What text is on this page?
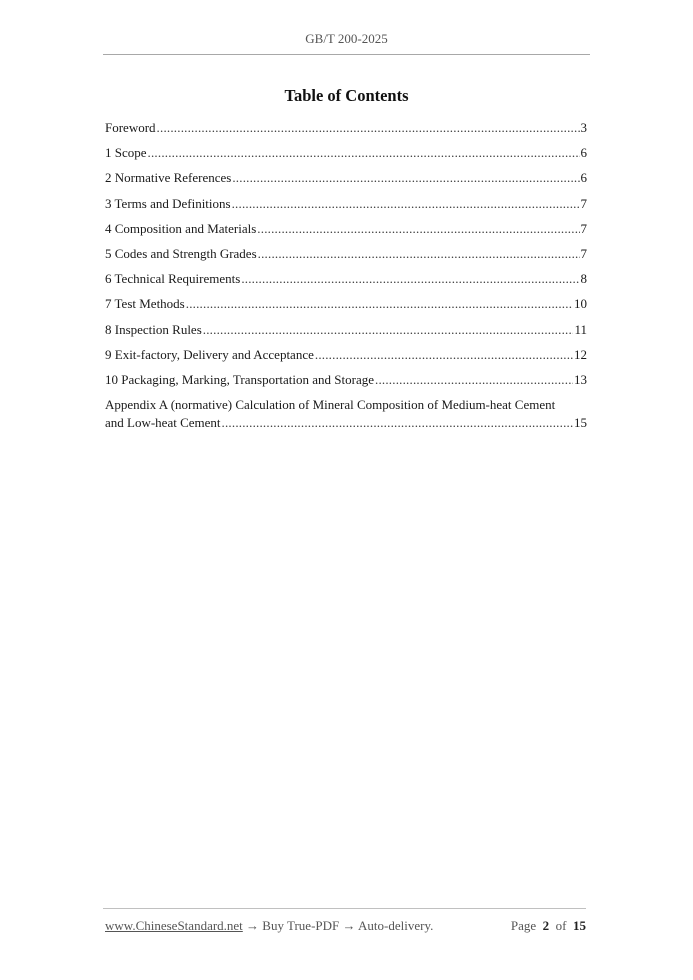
GB/T 200-2025
Table of Contents
Foreword .....	3
1 Scope .....	6
2 Normative References .....	6
3 Terms and Definitions .....	7
4 Composition and Materials .....	7
5 Codes and Strength Grades .....	7
6 Technical Requirements .....	8
7 Test Methods .....	10
8 Inspection Rules .....	11
9 Exit-factory, Delivery and Acceptance .....	12
10 Packaging, Marking, Transportation and Storage .....	13
Appendix A (normative) Calculation of Mineral Composition of Medium-heat Cement
and Low-heat Cement .....	15
www.ChineseStandard.net → Buy True-PDF → Auto-delivery.	Page 2 of 15
